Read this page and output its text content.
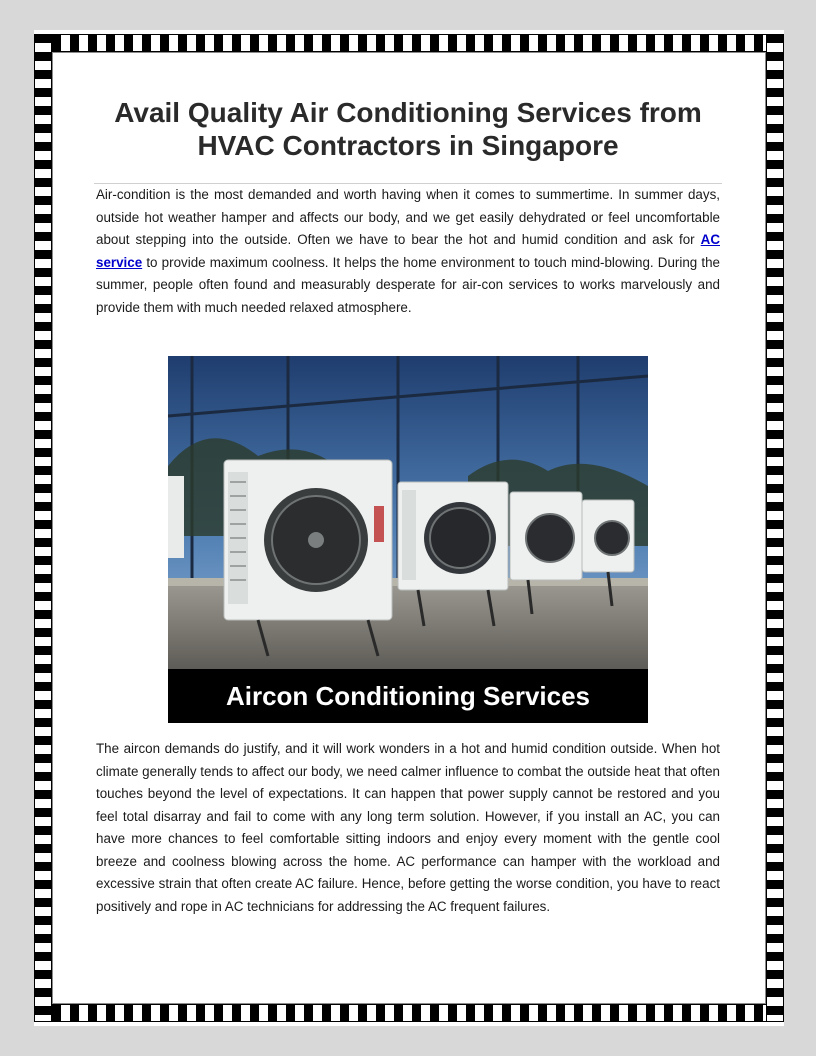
Avail Quality Air Conditioning Services from

HVAC Contractors in Singapore

Air-condition is the most demanded and worth having when it comes to summertime. In summer days, outside hot weather hamper and affects our body, and we get easily dehydrated or feel uncomfortable about stepping into the outside. Often we have to bear the hot and humid condition and ask for AC service to provide maximum coolness. It helps the home environment to touch mind-blowing. During the summer, people often found and measurably desperate for air-con services to works marvelously and provide them with much needed relaxed atmosphere.

Aircon Conditioning Services

The aircon demands do justify, and it will work wonders in a hot and humid condition outside. When hot climate generally tends to affect our body, we need calmer influence to combat the outside heat that often touches beyond the level of expectations. It can happen that power supply cannot be restored and you feel total disarray and fail to come with any long term solution. However, if you install an AC, you can have more chances to feel comfortable sitting indoors and enjoy every moment with the gentle cool breeze and coolness blowing across the home. AC performance can hamper with the workload and excessive strain that often create AC failure. Hence, before getting the worse condition, you have to react positively and rope in AC technicians for addressing the AC frequent failures.
